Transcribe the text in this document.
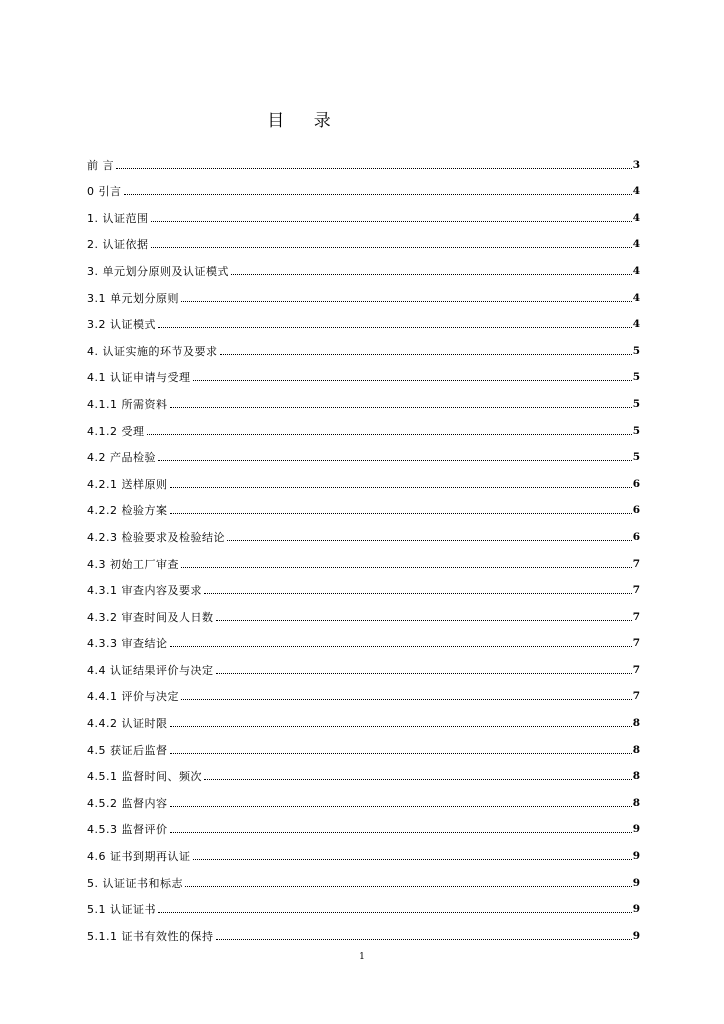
目 录
前 言	3
0 引言	4
1. 认证范围	4
2. 认证依据	4
3. 单元划分原则及认证模式	4
3.1 单元划分原则	4
3.2 认证模式	4
4. 认证实施的环节及要求	5
4.1 认证申请与受理	5
4.1.1 所需资料	5
4.1.2 受理	5
4.2 产品检验	5
4.2.1 送样原则	6
4.2.2 检验方案	6
4.2.3 检验要求及检验结论	6
4.3 初始工厂审查	7
4.3.1 审查内容及要求	7
4.3.2 审查时间及人日数	7
4.3.3 审查结论	7
4.4 认证结果评价与决定	7
4.4.1 评价与决定	7
4.4.2 认证时限	8
4.5 获证后监督	8
4.5.1 监督时间、频次	8
4.5.2 监督内容	8
4.5.3 监督评价	9
4.6 证书到期再认证	9
5. 认证证书和标志	9
5.1 认证证书	9
5.1.1 证书有效性的保持	9
1
